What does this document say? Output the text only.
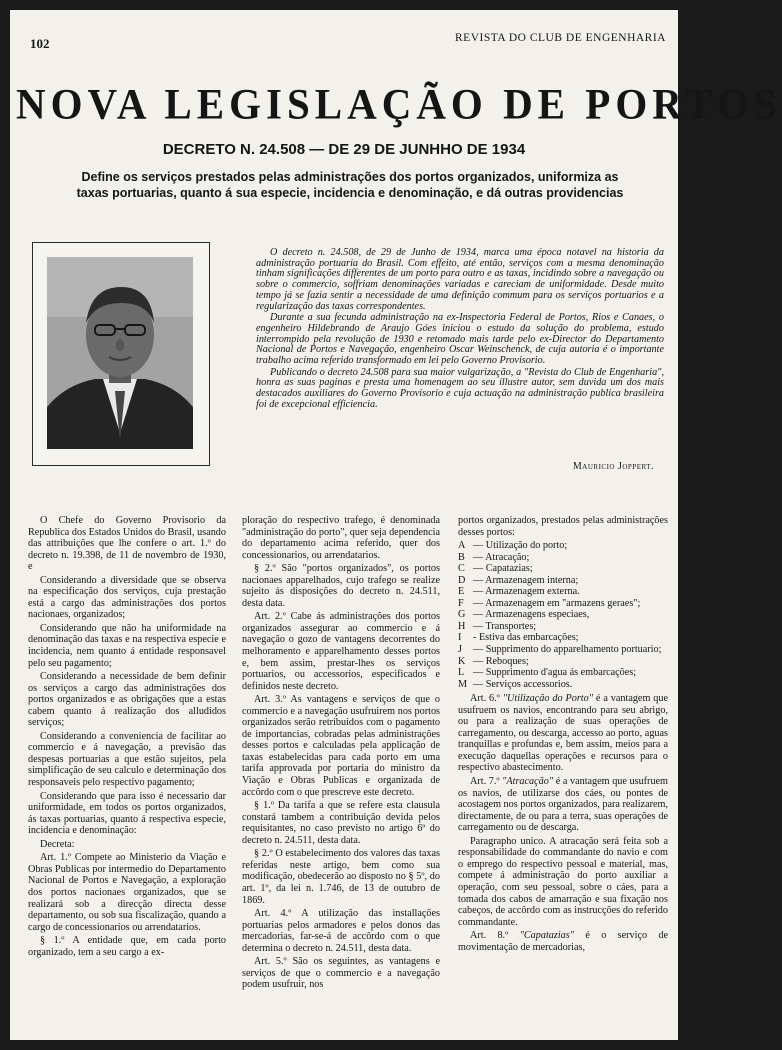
102	REVISTA DO CLUB DE ENGENHARIA
NOVA LEGISLAÇÃO DE PORTOS
DECRETO N. 24.508 — DE 29 DE JUNHHO DE 1934
Define os serviços prestados pelas administrações dos portos organizados, uniformiza as taxas portuarias, quanto á sua especie, incidencia e denominação, e dá outras providencias

O decreto n. 24.508, de 29 de Junho de 1934, marca uma época notavel na historia da administração portuaria do Brasil. Com effeito, até então, serviços com a mesma denominação tinham significações differentes de um porto para outro e as taxas, incidindo sobre a navegação ou sobre o commercio, soffriam denominações variadas e careciam de uniformidade. Desde muito tempo já se fazia sentir a necessidade de uma definição commum para os serviços portuarios e a regularização das taxas correspondentes.

Durante a sua fecunda administração na ex-Inspectoria Federal de Portos, Rios e Canaes, o engenheiro Hildebrando de Araujo Góes iniciou o estudo da solução do problema, estudo interrompido pela revolução de 1930 e retomado mais tarde pelo ex-Director do Departamento Nacional de Portos e Navegação, engenheiro Oscar Weinschenck, de cuja autoria é o importante trabalho acima referido transformado em lei pelo Governo Provisorio.

Publicando o decreto 24.508 para sua maior vulgarização, a "Revista do Club de Engenharia", honra as suas paginas e presta uma homenagem ao seu illustre autor, sem duvida um dos mais destacados auxiliares do Governo Provisorio e cuja actuação na administração publica brasileira foi de excepcional efficiencia.

Mauricio Joppert.

O Chefe do Governo Provisorio da Republica dos Estados Unidos do Brasil, usando das attribuições que lhe confere o art. 1.º do decreto n. 19.398, de 11 de novembro de 1930, e

Considerando a diversidade que se observa na especificação dos serviços, cuja prestação está a cargo das administrações dos portos nacionaes, organizados;

Considerando que não ha uniformidade na denominação das taxas e na respectiva especie e incidencia, nem quanto á entidade responsavel pelo seu pagamento;

Considerando a necessidade de bem definir os serviços a cargo das administrações dos portos organizados e as obrigações que a estas cabem quanto á realização dos alludidos serviços;

Considerando a conveniencia de facilitar ao commercio e á navegação, a previsão das despesas portuarias a que estão sujeitos, pela simplificação de seu calculo e determinação dos responsaveis pelo respectivo pagamento;

Considerando que para isso é necessario dar uniformidade, em todos os portos organizados, ás taxas portuarias, quanto á respectiva especie, incidencia e denominação:

Decreta:

Art. 1.º Compete ao Ministerio da Viação e Obras Publicas por intermedio do Departamento Nacional de Portos e Navegação, a exploração dos portos nacionaes organizados, que se realizará sob a direcção directa desse departamento, ou sob sua fiscalização, quando a cargo de concessionarios ou arrendatarios.

§ 1.º A entidade que, em cada porto organizado, tem a seu cargo a ex-

ploração do respectivo trafego, é denominada "administração do porto", quer seja dependencia do departamento acima referido, quer dos concessionarios, ou arrendatarios.

§ 2.º São "portos organizados", os portos nacionaes apparelhados, cujo trafego se realize sujeito ás disposições do decreto n. 24.511, desta data.

Art. 2.º Cabe ás administrações dos portos organizados assegurar ao commercio e á navegação o gozo de vantagens decorrentes do melhoramento e apparelhamento desses portos e, bem assim, prestar-lhes os serviços portuarios, ou accessorios, especificados e definidos neste decreto.

Art. 3.º As vantagens e serviços de que o commercio e a navegação usufruirem nos portos organizados serão retribuidos com o pagamento de importancias, cobradas pelas administrações desses portos e calculadas pela applicação de taxas estabelecidas para cada porto em uma tarifa approvada por portaria do ministro da Viação e Obras Publicas e organizada de accôrdo com o que prescreve este decreto.

§ 1.º Da tarifa a que se refere esta clausula constará tambem a contribuição devida pelos requisitantes, no caso previsto no artigo 6º do decreto n. 24.511, desta data.

§ 2.º O estabelecimento dos valores das taxas referidas neste artigo, bem como sua modificação, obedecerão ao disposto no § 5º, do art. 1º, da lei n. 1.746, de 13 de outubro de 1869.

Art. 4.º A utilização das installações portuarias pelos armadores e pelos donos das mercadorias, far-se-á de accôrdo com o que determina o decreto n. 24.511, desta data.

Art. 5.º São os seguintes, as vantagens e serviços de que o commercio e a navegação podem usufruir, nos

portos organizados, prestados pelas administrações desses portos:

A — Utilização do porto;
B — Atracação;
C — Capatazias;
D — Armazenagem interna;
E — Armazenagem externa.
F — Armazenagem em "armazens geraes";
G — Armazenagens especiaes,
H — Transportes;
I - Estiva das embarcações;
J — Supprimento do apparelhamento portuario;
K — Reboques;
L — Supprimento d'agua ás embarcações;
M — Serviços accessorios.

Art. 6.º "Utilização do Porto" é a vantagem que usufruem os navios, encontrando para seu abrigo, ou para a realização de suas operações de carregamento, ou descarga, accesso ao porto, aguas tranquillas e profundas e, bem assim, meios para a execução daquellas operações e recursos para o respectivo abastecimento.

Art. 7.º "Atracação" é a vantagem que usufruem os navios, de utilizarse dos cáes, ou pontes de acostagem nos portos organizados, para realizarem, directamente, de ou para a terra, suas operações de carregamento ou de descarga.

Paragrapho unico. A atracação será feita sob a responsabilidade do commandante do navio e com o emprego do respectivo pessoal e material, mas, compete á administração do porto auxiliar a operação, com seu pessoal, sobre o cáes, para a tomada dos cabos de amarração e sua fixação nos cabeços, de accôrdo com as instrucções do referido commandante.

Art. 8.º "Capatazias" é o serviço de movimentação de mercadorias,
